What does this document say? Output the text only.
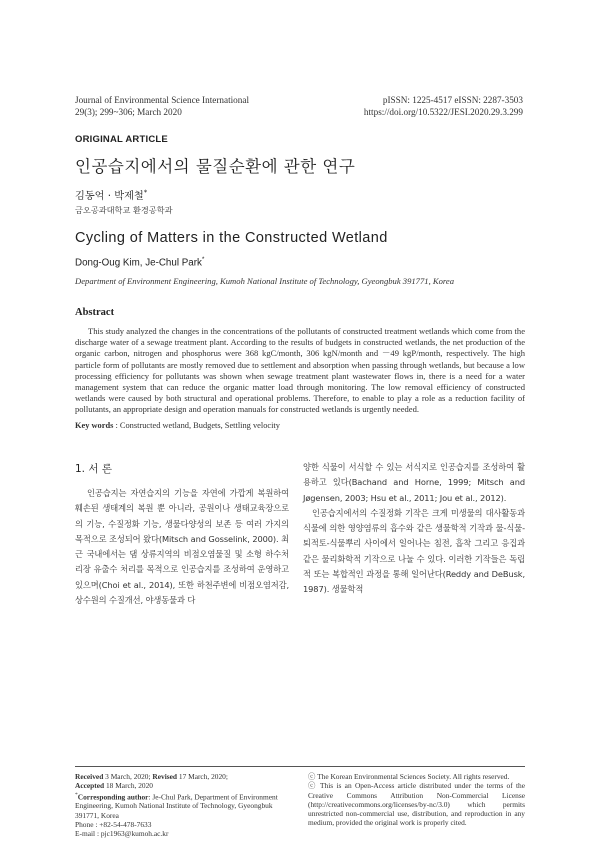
Journal of Environmental Science International
29(3); 299~306; March 2020
pISSN: 1225-4517 eISSN: 2287-3503
https://doi.org/10.5322/JESI.2020.29.3.299
ORIGINAL ARTICLE
인공습지에서의 물질순환에 관한 연구
김동억 · 박제철*
금오공과대학교 환경공학과
Cycling of Matters in the Constructed Wetland
Dong-Oug Kim, Je-Chul Park*
Department of Environment Engineering, Kumoh National Institute of Technology, Gyeongbuk 391771, Korea
Abstract

This study analyzed the changes in the concentrations of the pollutants of constructed treatment wetlands which come from the discharge water of a sewage treatment plant. According to the results of budgets in constructed wetlands, the net production of the organic carbon, nitrogen and phosphorus were 368 kgC/month, 306 kgN/month and －49 kgP/month, respectively. The high particle form of pollutants are mostly removed due to settlement and absorption when passing through wetlands, but because a low processing efficiency for pollutants was shown when sewage treatment plant wastewater flows in, there is a need for a water management system that can reduce the organic matter load through monitoring. The low removal efficiency of constructed wetlands were caused by both structural and operational problems. Therefore, to enable to play a role as a reduction facility of pollutants, an appropriate design and operation manuals for constructed wetlands is urgently needed.

Key words : Constructed wetland, Budgets, Settling velocity
1. 서 론

인공습지는 자연습지의 기능을 자연에 가깝게 복원하여 훼손된 생태계의 복원 뿐 아니라, 공원이나 생태교육장으로의 기능, 수질정화 기능, 생물다양성의 보존 등 여러 가지의 목적으로 조성되어 왔다(Mitsch and Gosselink, 2000). 최근 국내에서는 댐 상류지역의 비점오염물질 및 소형 하수처리장 유출수 처리를 목적으로 인공습지를 조성하여 운영하고 있으며(Choi et al., 2014), 또한 하천주변에 비점오염저감, 상수원의 수질개선, 야생동물과 다

양한 식물이 서식할 수 있는 서식지로 인공습지를 조성하여 활용하고 있다(Bachand and Horne, 1999; Mitsch and Jøgensen, 2003; Hsu et al., 2011; Jou et al., 2012).

인공습지에서의 수질정화 기작은 크게 미생물의 대사활동과 식물에 의한 영양염류의 흡수와 같은 생물학적 기작과 물-식물-퇴적토-식물뿌리 사이에서 일어나는 침전, 흡착 그리고 응집과 같은 물리화학적 기작으로 나눌 수 있다. 이러한 기작들은 독립적 또는 복합적인 과정을 통해 일어난다(Reddy and DeBusk, 1987). 생물학적

Received 3 March, 2020; Revised 17 March, 2020;
Accepted 18 March, 2020
*Corresponding author: Je-Chul Park, Department of Environment Engineering, Kumoh National Institute of Technology, Gyeongbuk 391771, Korea
Phone : +82-54-478-7633
E-mail : pjc1963@kumoh.ac.kr
ⓒ The Korean Environmental Sciences Society. All rights reserved.
ⓒ This is an Open-Access article distributed under the terms of the Creative Commons Attribution Non-Commercial License (http://creativecommons.org/licenses/by-nc/3.0) which permits unrestricted non-commercial use, distribution, and reproduction in any medium, provided the original work is properly cited.
